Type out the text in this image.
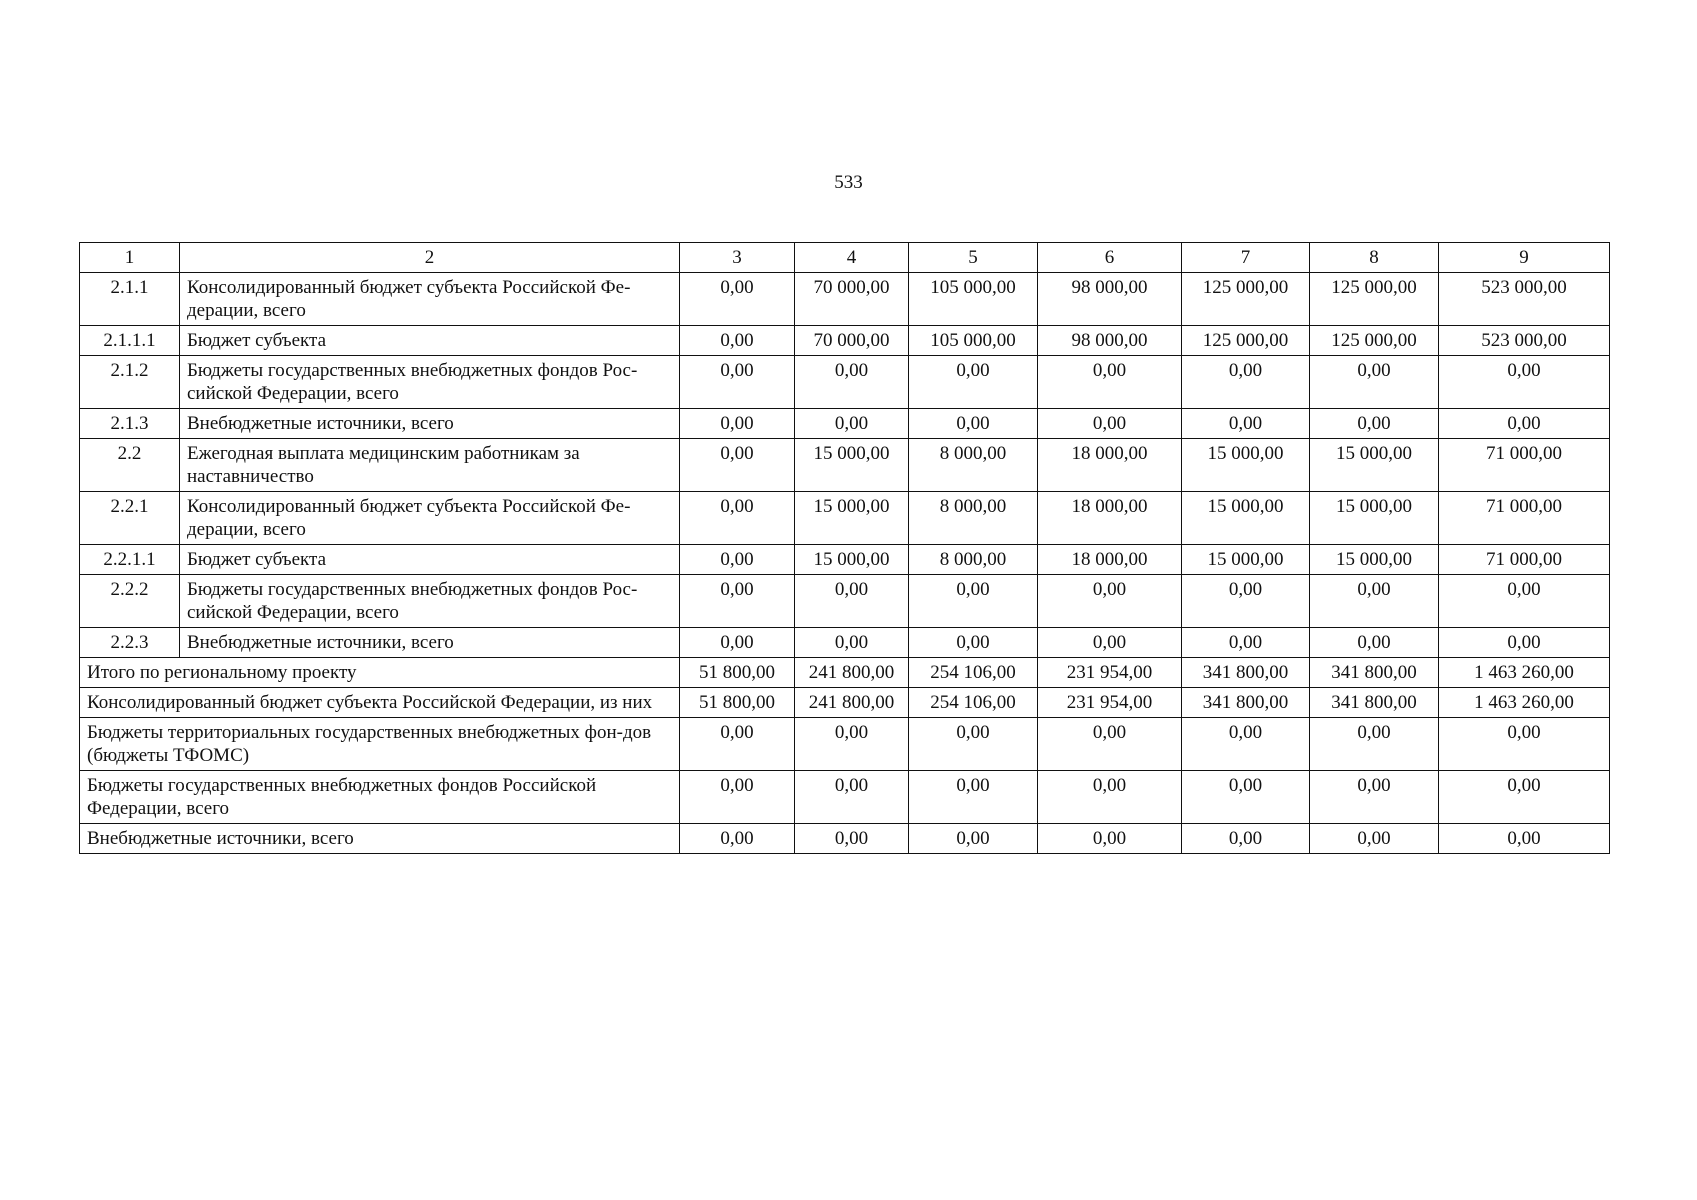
533
1	2	3	4	5	6	7	8	9
2.1.1	Консолидированный бюджет субъекта Российской Фе-дерации, всего	0,00	70 000,00	105 000,00	98 000,00	125 000,00	125 000,00	523 000,00
2.1.1.1	Бюджет субъекта	0,00	70 000,00	105 000,00	98 000,00	125 000,00	125 000,00	523 000,00
2.1.2	Бюджеты государственных внебюджетных фондов Рос-сийской Федерации, всего	0,00	0,00	0,00	0,00	0,00	0,00	0,00
2.1.3	Внебюджетные источники, всего	0,00	0,00	0,00	0,00	0,00	0,00	0,00
2.2	Ежегодная выплата медицинским работникам за наставничество	0,00	15 000,00	8 000,00	18 000,00	15 000,00	15 000,00	71 000,00
2.2.1	Консолидированный бюджет субъекта Российской Фе-дерации, всего	0,00	15 000,00	8 000,00	18 000,00	15 000,00	15 000,00	71 000,00
2.2.1.1	Бюджет субъекта	0,00	15 000,00	8 000,00	18 000,00	15 000,00	15 000,00	71 000,00
2.2.2	Бюджеты государственных внебюджетных фондов Рос-сийской Федерации, всего	0,00	0,00	0,00	0,00	0,00	0,00	0,00
2.2.3	Внебюджетные источники, всего	0,00	0,00	0,00	0,00	0,00	0,00	0,00
Итого по региональному проекту		51 800,00	241 800,00	254 106,00	231 954,00	341 800,00	341 800,00	1 463 260,00
Консолидированный бюджет субъекта Российской Федерации, из них		51 800,00	241 800,00	254 106,00	231 954,00	341 800,00	341 800,00	1 463 260,00
Бюджеты территориальных государственных внебюджетных фон-дов (бюджеты ТФОМС)		0,00	0,00	0,00	0,00	0,00	0,00	0,00
Бюджеты государственных внебюджетных фондов Российской Федерации, всего		0,00	0,00	0,00	0,00	0,00	0,00	0,00
Внебюджетные источники, всего		0,00	0,00	0,00	0,00	0,00	0,00	0,00
